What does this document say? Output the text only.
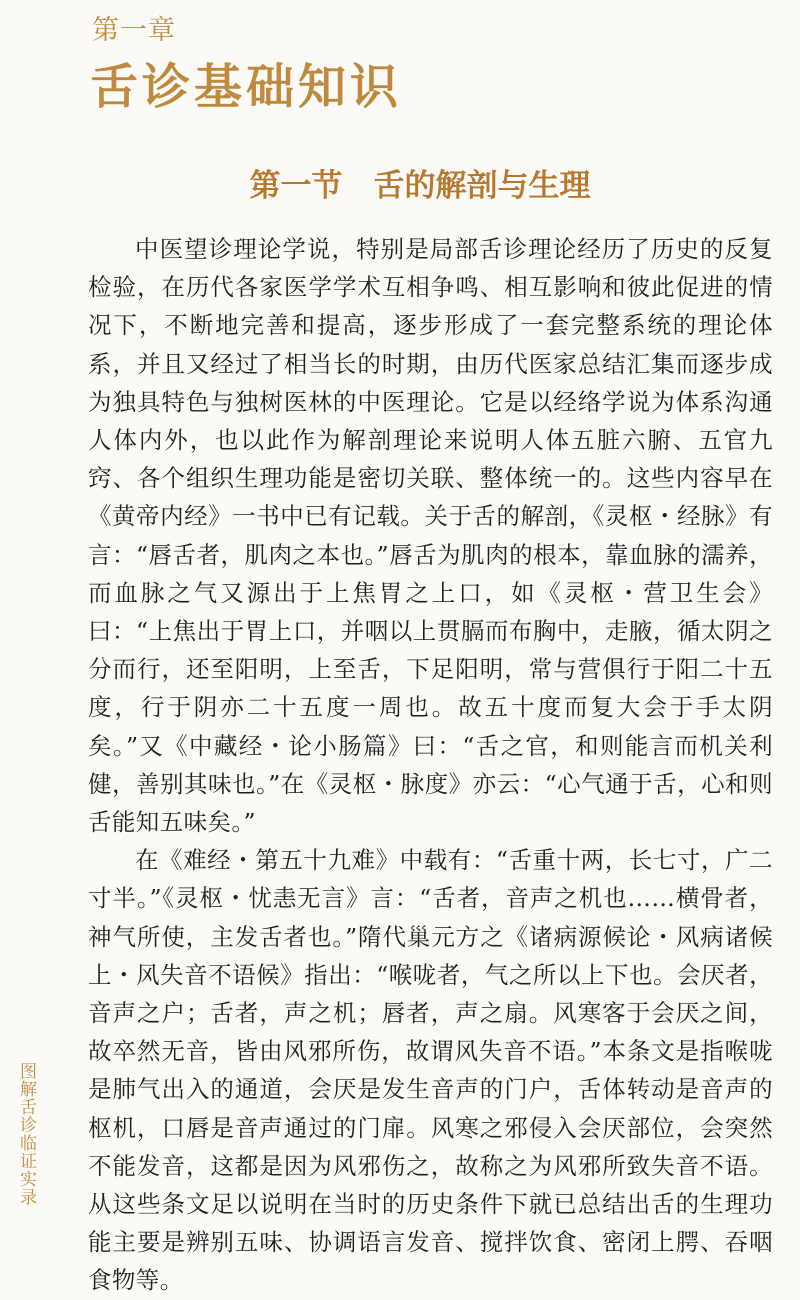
第一章
舌诊基础知识
第一节　舌的解剖与生理

中医望诊理论学说，特别是局部舌诊理论经历了历史的反复检验，在历代各家医学学术互相争鸣、相互影响和彼此促进的情况下，不断地完善和提高，逐步形成了一套完整系统的理论体系，并且又经过了相当长的时期，由历代医家总结汇集而逐步成为独具特色与独树医林的中医理论。它是以经络学说为体系沟通人体内外，也以此作为解剖理论来说明人体五脏六腑、五官九窍、各个组织生理功能是密切关联、整体统一的。这些内容早在《黄帝内经》一书中已有记载。关于舌的解剖，《灵枢・经脉》有言：“唇舌者，肌肉之本也。”唇舌为肌肉的根本，靠血脉的濡养，而血脉之气又源出于上焦胃之上口，如《灵枢・营卫生会》曰：“上焦出于胃上口，并咽以上贯膈而布胸中，走腋，循太阴之分而行，还至阳明，上至舌，下足阳明，常与营俱行于阳二十五度，行于阴亦二十五度一周也。故五十度而复大会于手太阴矣。”又《中藏经・论小肠篇》曰：“舌之官，和则能言而机关利健，善别其味也。”在《灵枢・脉度》亦云：“心气通于舌，心和则舌能知五味矣。”

在《难经・第五十九难》中载有：“舌重十两，长七寸，广二寸半。”《灵枢・忧恚无言》言：“舌者，音声之机也……横骨者，神气所使，主发舌者也。”隋代巢元方之《诸病源候论・风病诸候上・风失音不语候》指出：“喉咙者，气之所以上下也。会厌者，音声之户；舌者，声之机；唇者，声之扇。风寒客于会厌之间，故卒然无音，皆由风邪所伤，故谓风失音不语。”本条文是指喉咙是肺气出入的通道，会厌是发生音声的门户，舌体转动是音声的枢机，口唇是音声通过的门扉。风寒之邪侵入会厌部位，会突然不能发音，这都是因为风邪伤之，故称之为风邪所致失音不语。从这些条文足以说明在当时的历史条件下就已总结出舌的生理功能主要是辨别五味、协调语言发音、搅拌饮食、密闭上腭、吞咽食物等。

图解舌诊临证实录
